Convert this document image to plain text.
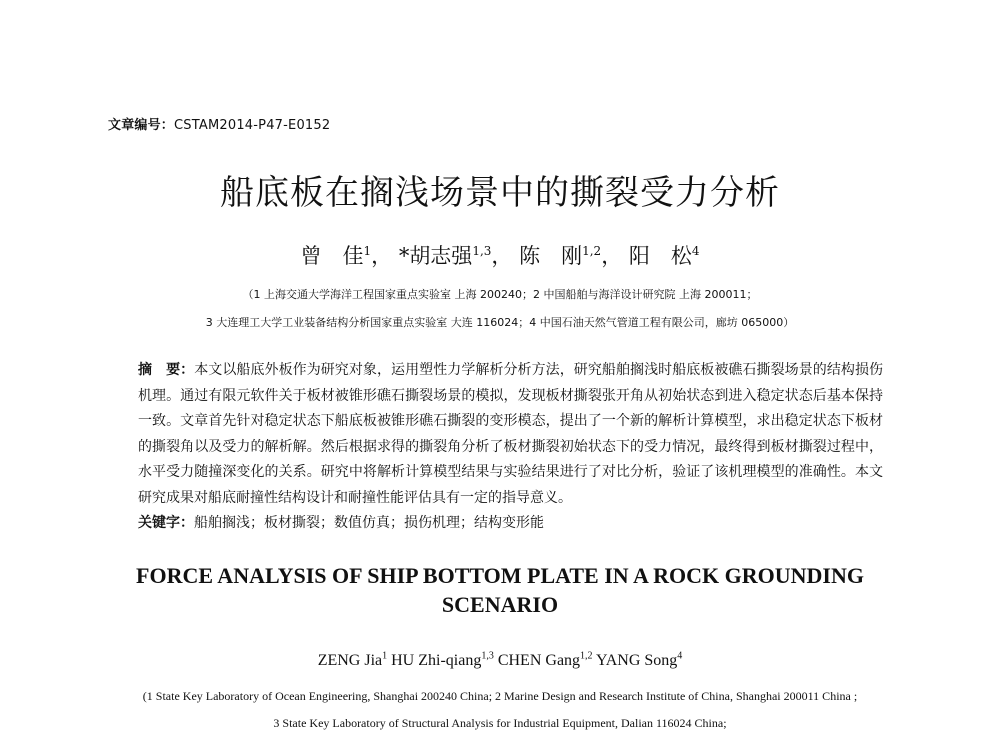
文章编号：CSTAM2014-P47-E0152
船底板在搁浅场景中的撕裂受力分析
曾　佳$^1$， *胡志强$^{1,3}$， 陈　刚$^{1,2}$， 阳　松$^4$
（1 上海交通大学海洋工程国家重点实验室 上海 200240；2 中国船舶与海洋设计研究院 上海 200011；
3 大连理工大学工业装备结构分析国家重点实验室 大连 116024；4 中国石油天然气管道工程有限公司，廊坊 065000）
摘　要：本文以船底外板作为研究对象，运用塑性力学解析分析方法，研究船舶搁浅时船底板被礁石撕裂场景的结构损伤机理。通过有限元软件关于板材被锥形礁石撕裂场景的模拟，发现板材撕裂张开角从初始状态到进入稳定状态后基本保持一致。文章首先针对稳定状态下船底板被锥形礁石撕裂的变形模态，提出了一个新的解析计算模型，求出稳定状态下板材的撕裂角以及受力的解析解。然后根据求得的撕裂角分析了板材撕裂初始状态下的受力情况，最终得到板材撕裂过程中，水平受力随撞深变化的关系。研究中将解析计算模型结果与实验结果进行了对比分析，验证了该机理模型的准确性。本文研究成果对船底耐撞性结构设计和耐撞性能评估具有一定的指导意义。
关键字：船舶搁浅；板材撕裂；数值仿真；损伤机理；结构变形能
FORCE ANALYSIS OF SHIP BOTTOM PLATE IN A ROCK GROUNDING
SCENARIO
ZENG Jia$^1$ HU Zhi-qiang$^{1,3}$ CHEN Gang$^{1,2}$ YANG Song$^4$
(1 State Key Laboratory of Ocean Engineering, Shanghai 200240 China; 2 Marine Design and Research Institute of China, Shanghai 200011 China ;
3 State Key Laboratory of Structural Analysis for Industrial Equipment, Dalian 116024 China;
